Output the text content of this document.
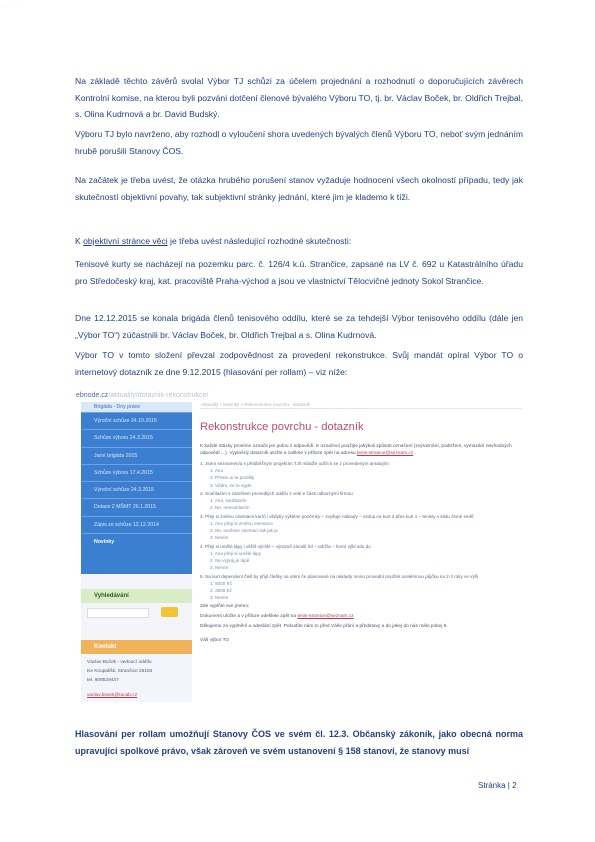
· · ·
Na základě těchto závěrů svolal Výbor TJ schůzi za účelem projednání a rozhodnutí o doporučujících závěrech Kontrolní komise, na kterou byli pozváni dotčení členové bývalého Výboru TO, tj. br. Václav Boček, br. Oldřich Trejbal, s. Olina Kudrnová a br. David Budský.
Výboru TJ bylo navrženo, aby rozhodl o vyloučení shora uvedených bývalých členů Výboru TO, neboť svým jednáním hrubě porušili Stanovy ČOS.
Na začátek je třeba uvést, že otázka hrubého porušení stanov vyžaduje hodnocení všech okolností případu, tedy jak skutečností objektivní povahy, tak subjektivní stránky jednání, které jim je klademo k tíži.
K objektivní stránce věci je třeba uvést následující rozhodné skutečnosti:
Tenisové kurty se nacházejí na pozemku parc. č. 126/4 k.ú. Strančice, zapsané na LV č. 692 u Katastrálního úřadu pro Středočeský kraj, kat. pracoviště Praha-východ a jsou ve vlastnictví Tělocvičné jednoty Sokol Strančice.
Dne 12.12.2015 se konala brigáda členů tenisového oddílu, které se za tehdejší Výbor tenisového oddílu (dále jen „Výbor TO“) zúčastnili br. Václav Boček, br. Oldřich Trejbal a s. Olina Kudrnová.
Výbor TO v tomto složení převzal zodpovědnost za provedení rekonstrukce. Svůj mandát opíral Výbor TO o internetový dotazník ze dne 9.12.2015 (hlasování per rollam) – viz níže:
ebnode.cz/aktuality/dotaznik-rekonstrukce/
Brigáda - Dny práce
Výroční schůze 24.10.2015
Schůze výboru 24.3.2015
Jarní brigáda 2015
Schůze výboru 17.4.2015
Výroční schůze 24.3.2015
Dotace 2 MŠMT 26.1.2015
Zápis ze schůze 12.12.2014
Novinky
Vyhledávání
→
Kontakt
Václav Boček - vedoucí oddílu
Ke Koupališti, Strančice 25163
tel. 608529447
vaclav.bocek@tucab.cz
Aktuality » Novinky » Rekonstrukce povrchu - dotazník
Rekonstrukce povrchu - dotazník
K každé otázky prosíme označit jen jednu z odpovědí. K označení použijte jakýkoli způsob označení (zvýraznění, podtržení, vymazání nevhodných odpovědí ...). Vyplněný dotazník uložte a zašlete v příloze zpět na adresu tenis-stranice@seznam.cz .
1. Jsem seznamen/a s předběžným projektím TJš mládže odčít k se z provedeným amatujím:
1. Ano
2. Přesto ui ta později
3. Vědm, ze to vyjde
2. Souhlasím s záměrem provedlých oddílu z velé e části odbornými firmou
1. Ano, souhlasím
2. Ne, nesouhlasím
3. Přeji si změnu orientace kurtů i vědytíy výkléne pozěmky – zvyšuje náklady – vzdup na kurt 2 přes kurt 1 – tenisty v klidu činné směř
1. Ano přeji si změnu orientace
2. Ne, nechme orientaci tak jak je
3. Nevím
4. Přeji si umělé lápy i věžiš výchlé – výrazně zácaší hd – udržía – horní výkl odo do
1. Ano přeji si umělé lápy
2. Ne výpráj je lápě
3. Nevím
5. Na kurt dependent čleš by přijit člešky na utém če planované ná náklady mono provední použité ocelémnou půjčku na 2-3 roky ve výši
1. 5000 Kč
2. 3000 Kč
3. Nevím
Zde vyplňte sve jméno:
Dokument uložte a v příloze odešlete zpět na tenis-stranice@seznam.cz
Děkujeme za vyplnění a odeslání zpět. Pokudíte nám to před Váše přání a představy a do jakej do nás málo pokej 8.
Váš výbor TO
Hlasování per rollam umožňují Stanovy ČOS ve svém čl. 12.3. Občanský zákoník, jako obecná norma upravující spolkové právo, však zároveň ve svém ustanovení § 158 stanoví, že stanovy musí
Stránka | 2
